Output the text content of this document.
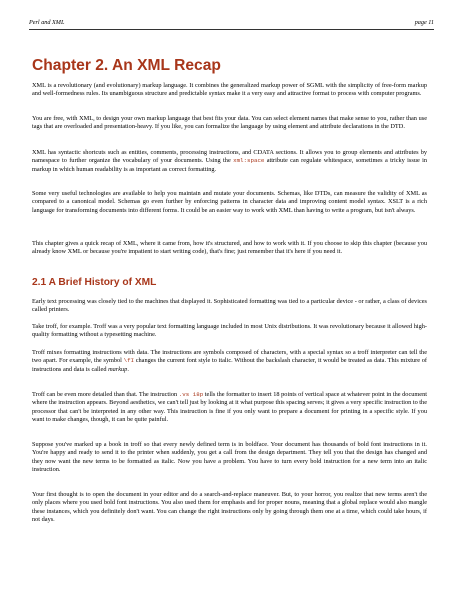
Perl and XML	page 11
Chapter 2. An XML Recap

XML is a revolutionary (and evolutionary) markup language. It combines the generalized markup power of SGML with the simplicity of free-form markup and well-formedness rules. Its unambiguous structure and predictable syntax make it a very easy and attractive format to process with computer programs.

You are free, with XML, to design your own markup language that best fits your data. You can select element names that make sense to you, rather than use tags that are overloaded and presentation-heavy. If you like, you can formalize the language by using element and attribute declarations in the DTD.

XML has syntactic shortcuts such as entities, comments, processing instructions, and CDATA sections. It allows you to group elements and attributes by namespace to further organize the vocabulary of your documents. Using the xml:space attribute can regulate whitespace, sometimes a tricky issue in markup in which human readability is as important as correct formatting.

Some very useful technologies are available to help you maintain and mutate your documents. Schemas, like DTDs, can measure the validity of XML as compared to a canonical model. Schemas go even further by enforcing patterns in character data and improving content model syntax. XSLT is a rich language for transforming documents into different forms. It could be an easier way to work with XML than having to write a program, but isn't always.

This chapter gives a quick recap of XML, where it came from, how it's structured, and how to work with it. If you choose to skip this chapter (because you already know XML or because you're impatient to start writing code), that's fine; just remember that it's here if you need it.

2.1 A Brief History of XML

Early text processing was closely tied to the machines that displayed it. Sophisticated formatting was tied to a particular device - or rather, a class of devices called printers.

Take troff, for example. Troff was a very popular text formatting language included in most Unix distributions. It was revolutionary because it allowed high-quality formatting without a typesetting machine.

Troff mixes formatting instructions with data. The instructions are symbols composed of characters, with a special syntax so a troff interpreter can tell the two apart. For example, the symbol \fI changes the current font style to italic. Without the backslash character, it would be treated as data. This mixture of instructions and data is called markup.

Troff can be even more detailed than that. The instruction .vs 18p tells the formatter to insert 18 points of vertical space at whatever point in the document where the instruction appears. Beyond aesthetics, we can't tell just by looking at it what purpose this spacing serves; it gives a very specific instruction to the processor that can't be interpreted in any other way. This instruction is fine if you only want to prepare a document for printing in a specific style. If you want to make changes, though, it can be quite painful.

Suppose you've marked up a book in troff so that every newly defined term is in boldface. Your document has thousands of bold font instructions in it. You're happy and ready to send it to the printer when suddenly, you get a call from the design department. They tell you that the design has changed and they now want the new terms to be formatted as italic. Now you have a problem. You have to turn every bold instruction for a new term into an italic instruction.

Your first thought is to open the document in your editor and do a search-and-replace maneuver. But, to your horror, you realize that new terms aren't the only places where you used bold font instructions. You also used them for emphasis and for proper nouns, meaning that a global replace would also mangle these instances, which you definitely don't want. You can change the right instructions only by going through them one at a time, which could take hours, if not days.
